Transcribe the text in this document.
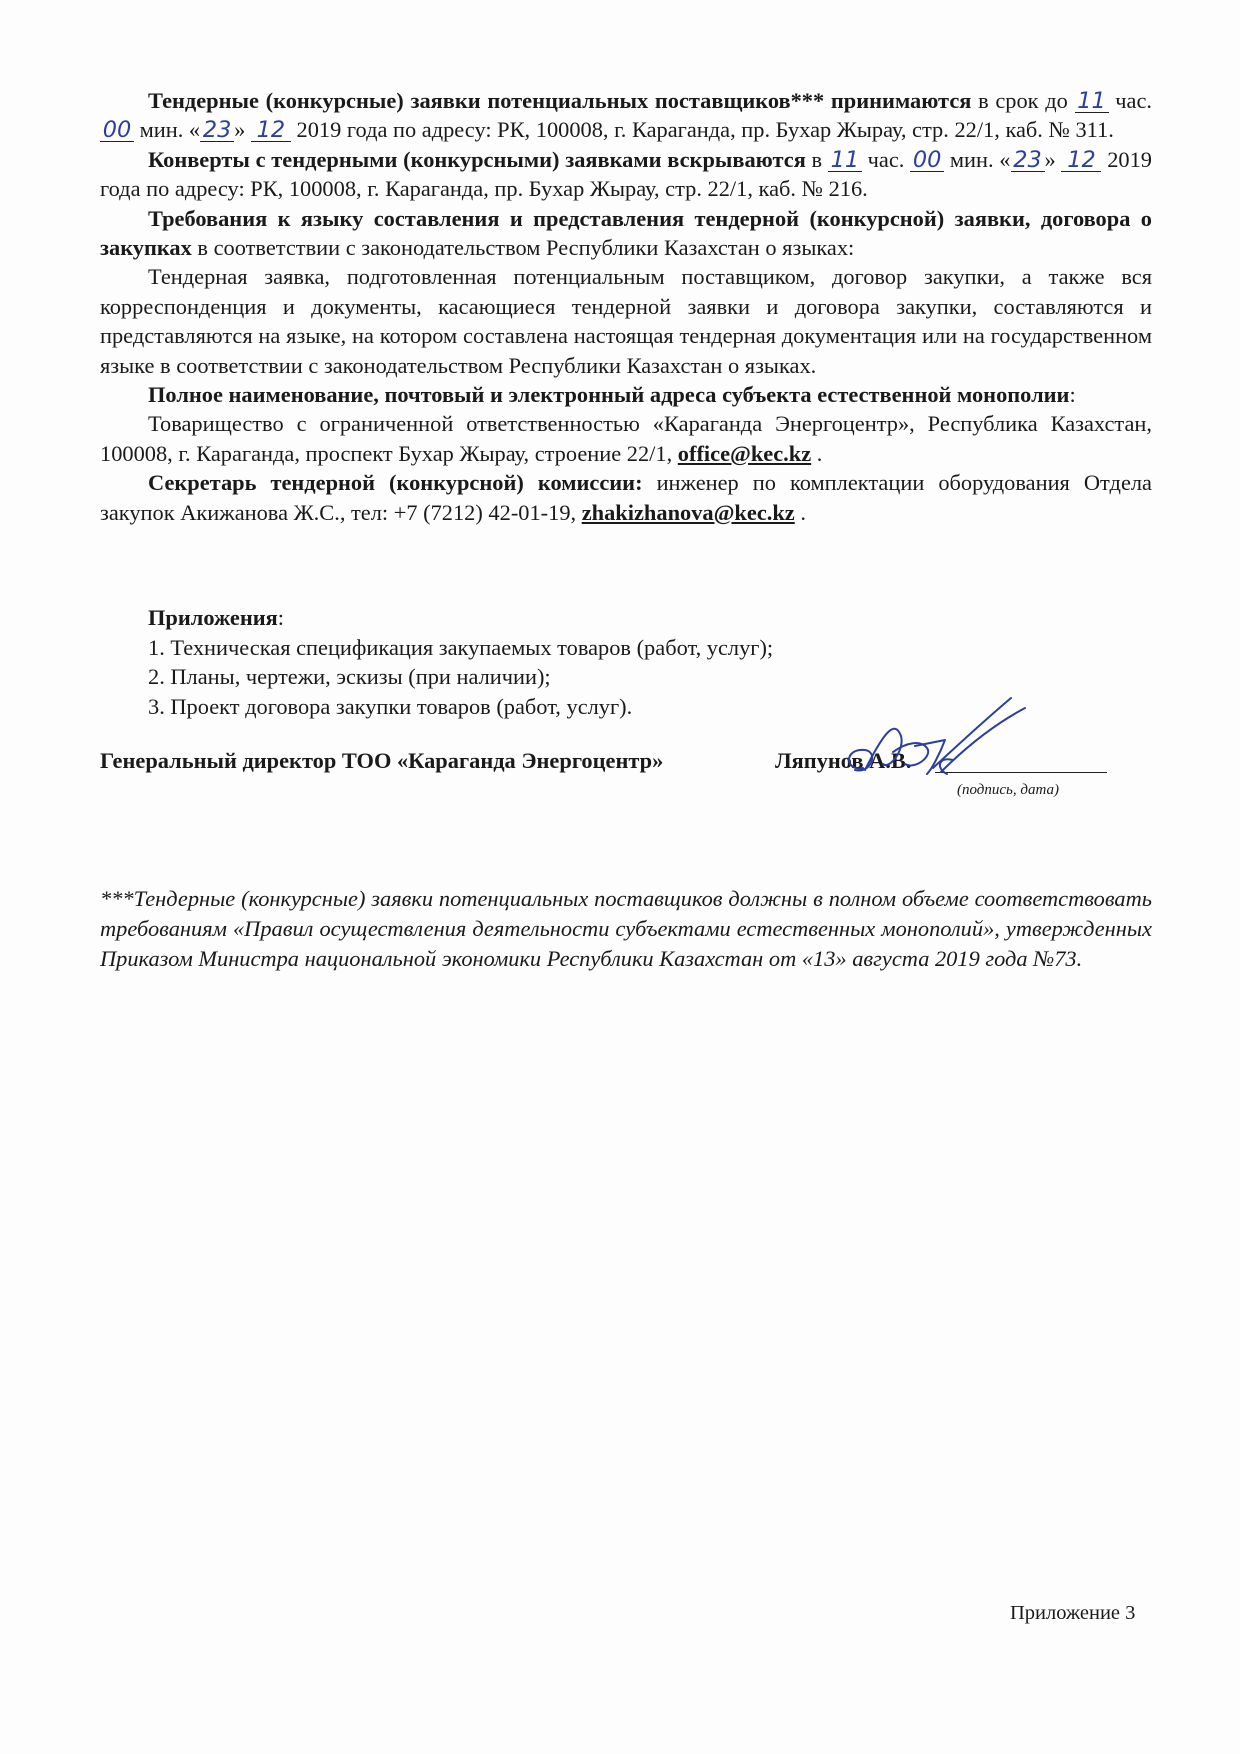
Тендерные (конкурсные) заявки потенциальных поставщиков*** принимаются в срок до 11 час. 00 мин. « 23 » 12 2019 года по адресу: РК, 100008, г. Караганда, пр. Бухар Жырау, стр. 22/1, каб. № 311.

Конверты с тендерными (конкурсными) заявками вскрываются в 11 час. 00 мин. « 23 » 12 2019 года по адресу: РК, 100008, г. Караганда, пр. Бухар Жырау, стр. 22/1, каб. № 216.

Требования к языку составления и представления тендерной (конкурсной) заявки, договора о закупках в соответствии с законодательством Республики Казахстан о языках:

Тендерная заявка, подготовленная потенциальным поставщиком, договор закупки, а также вся корреспонденция и документы, касающиеся тендерной заявки и договора закупки, составляются и представляются на языке, на котором составлена настоящая тендерная документация или на государственном языке в соответствии с законодательством Республики Казахстан о языках.

Полное наименование, почтовый и электронный адреса субъекта естественной монополии:

Товарищество с ограниченной ответственностью «Караганда Энергоцентр», Республика Казахстан, 100008, г. Караганда, проспект Бухар Жырау, строение 22/1, office@kec.kz .

Секретарь тендерной (конкурсной) комиссии: инженер по комплектации оборудования Отдела закупок Акижанова Ж.С., тел: +7 (7212) 42-01-19, zhakizhanova@kec.kz .

Приложения:
1. Техническая спецификация закупаемых товаров (работ, услуг);
2. Планы, чертежи, эскизы (при наличии);
3. Проект договора закупки товаров (работ, услуг).
Генеральный директор ТОО «Караганда Энергоцентр»	Ляпунов А.В.
(подпись, дата)
***Тендерные (конкурсные) заявки потенциальных поставщиков должны в полном объеме соответствовать требованиям «Правил осуществления деятельности субъектами естественных монополий», утвержденных Приказом Министра национальной экономики Республики Казахстан от «13» августа 2019 года №73.
Приложение 3
